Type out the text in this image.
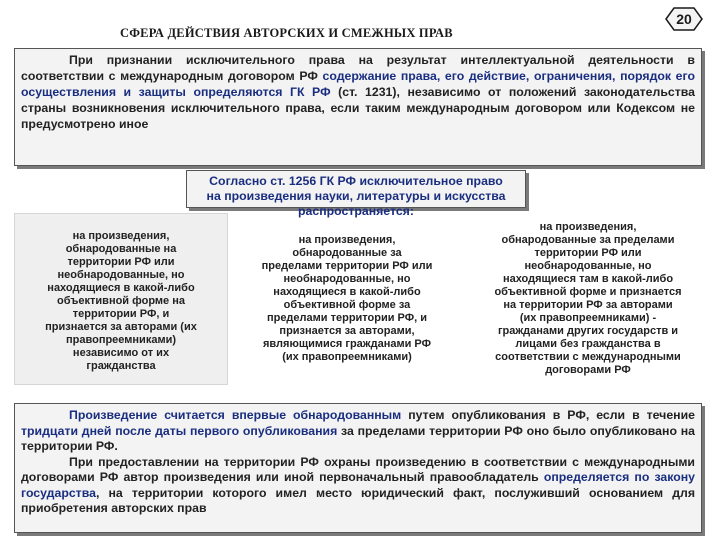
СФЕРА ДЕЙСТВИЯ АВТОРСКИХ И СМЕЖНЫХ ПРАВ
20

При признании исключительного права на результат интеллектуальной деятельности в соответствии с международным договором РФ содержание права, его действие, ограничения, порядок его осуществления и защиты определяются ГК РФ (ст. 1231), независимо от положений законодательства страны возникновения исключительного права, если таким международным договором или Кодексом не предусмотрено иное

Согласно ст. 1256 ГК РФ исключительное право
на произведения науки, литературы и искусства распространяется:
на произведения,
обнародованные на
территории РФ или
необнародованные, но
находящиеся в какой-либо
объективной форме на
территории РФ, и
признается за авторами (их
правопреемниками)
независимо от их
гражданства
на произведения,
обнародованные за
пределами территории РФ или
необнародованные, но
находящиеся в какой-либо
объективной форме за
пределами территории РФ, и
признается за авторами,
являющимися гражданами РФ
(их правопреемниками)
на произведения,
обнародованные за пределами
территории РФ или
необнародованные, но
находящиеся там в какой-либо
объективной форме и признается
на территории РФ за авторами
(их правопреемниками) -
гражданами других государств и
лицами без гражданства в
соответствии с международными
договорами РФ

Произведение считается впервые обнародованным путем опубликования в РФ, если в течение тридцати дней после даты первого опубликования за пределами территории РФ оно было опубликовано на территории РФ.

При предоставлении на территории РФ охраны произведению в соответствии с международными договорами РФ автор произведения или иной первоначальный правообладатель определяется по закону государства, на территории которого имел место юридический факт, послуживший основанием для приобретения авторских прав
